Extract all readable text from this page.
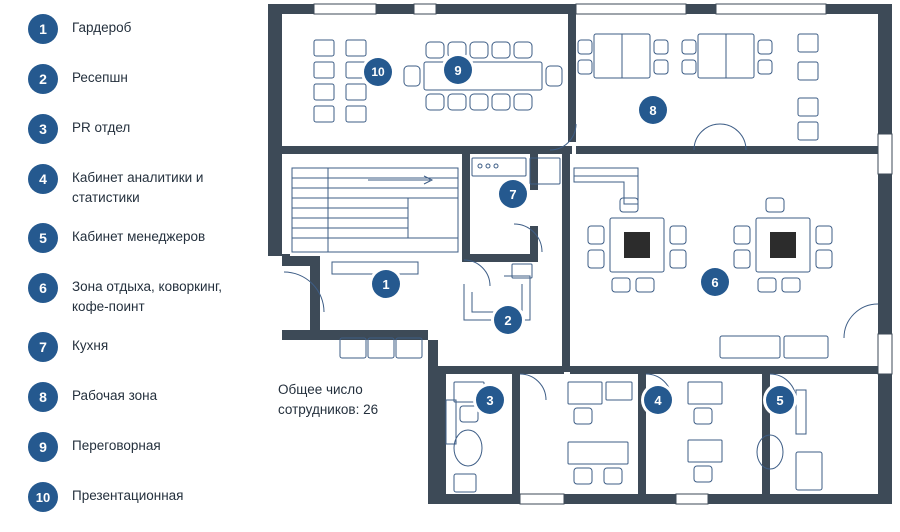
1	Гардероб
2	Ресепшн
3	PR отдел
4	Кабинет аналитики и статистики
5	Кабинет менеджеров
6	Зона отдыха, коворкинг, кофе-поинт
7	Кухня
8	Рабочая зона
9	Переговорная
10	Презентационная
Общее число сотрудников: 26
10	9
8
7
6
1
2
3	4	5
